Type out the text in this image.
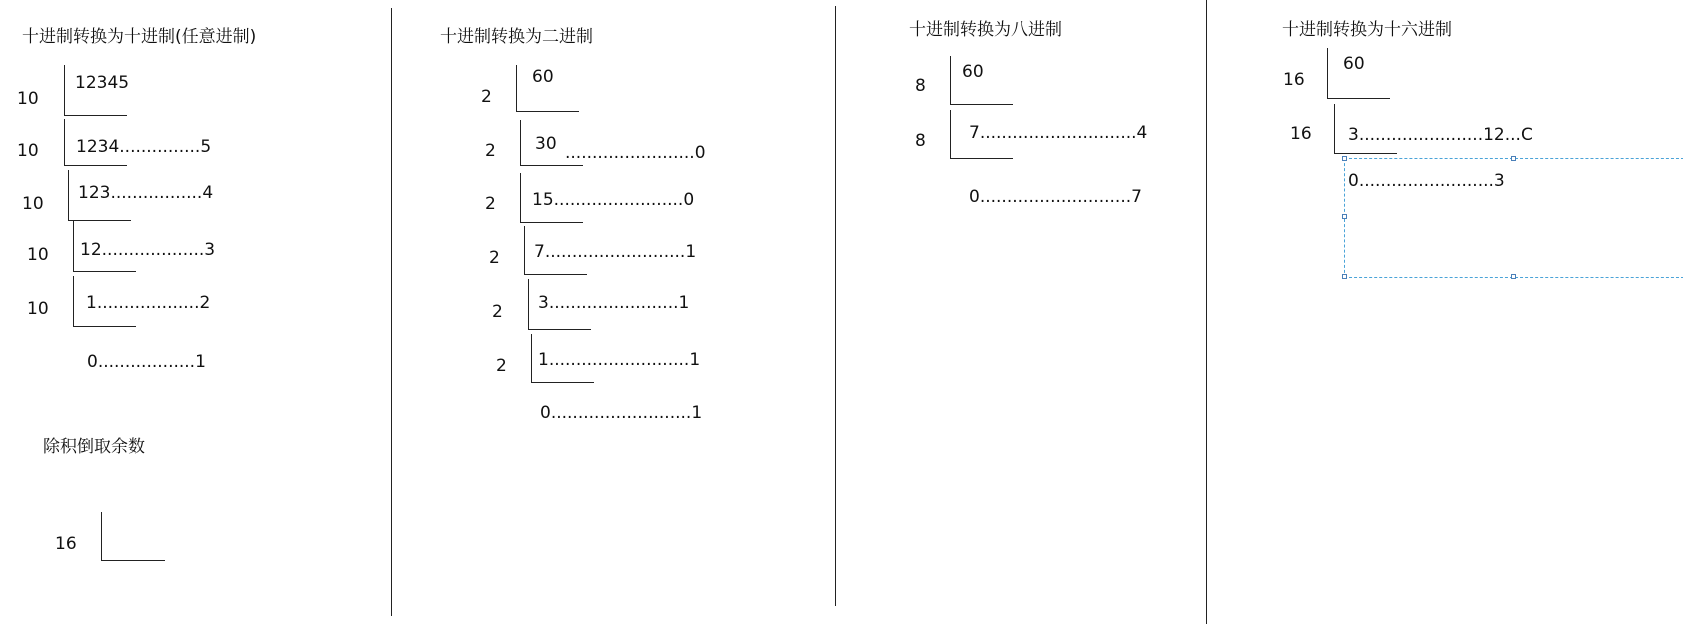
十进制转换为十进制(任意进制)
10
12345
10 1234...............5
10
123.................4
10 12...................3
10 1...................2
0..................1
除积倒取余数
16
十进制转换为二进制
2
60
2 30 ........................0
2 15........................0
2 7..........................1
2 3........................1
2 1..........................1
0..........................1
十进制转换为八进制
8
60
8	7.............................4
0............................7
十进制转换为十六进制
16
60
16 3.......................12...C
0.........................3
